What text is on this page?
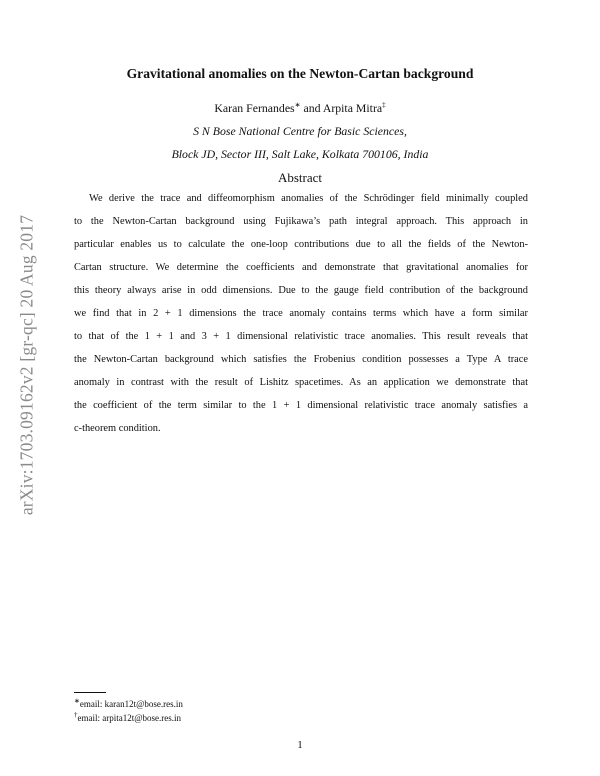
arXiv:1703.09162v2 [gr-qc] 20 Aug 2017
Gravitational anomalies on the Newton-Cartan background
Karan Fernandes∗ and Arpita Mitra‡
S N Bose National Centre for Basic Sciences,
Block JD, Sector III, Salt Lake, Kolkata 700106, India
Abstract
We derive the trace and diffeomorphism anomalies of the Schrödinger field minimally coupled
to the Newton-Cartan background using Fujikawa’s path integral approach. This approach in
particular enables us to calculate the one-loop contributions due to all the fields of the Newton-
Cartan structure. We determine the coefficients and demonstrate that gravitational anomalies for
this theory always arise in odd dimensions. Due to the gauge field contribution of the background
we find that in 2 + 1 dimensions the trace anomaly contains terms which have a form similar
to that of the 1 + 1 and 3 + 1 dimensional relativistic trace anomalies. This result reveals that
the Newton-Cartan background which satisfies the Frobenius condition possesses a Type A trace
anomaly in contrast with the result of Lishitz spacetimes. As an application we demonstrate that
the coefficient of the term similar to the 1 + 1 dimensional relativistic trace anomaly satisfies a
c-theorem condition.
∗email: karan12t@bose.res.in
†email: arpita12t@bose.res.in
1
